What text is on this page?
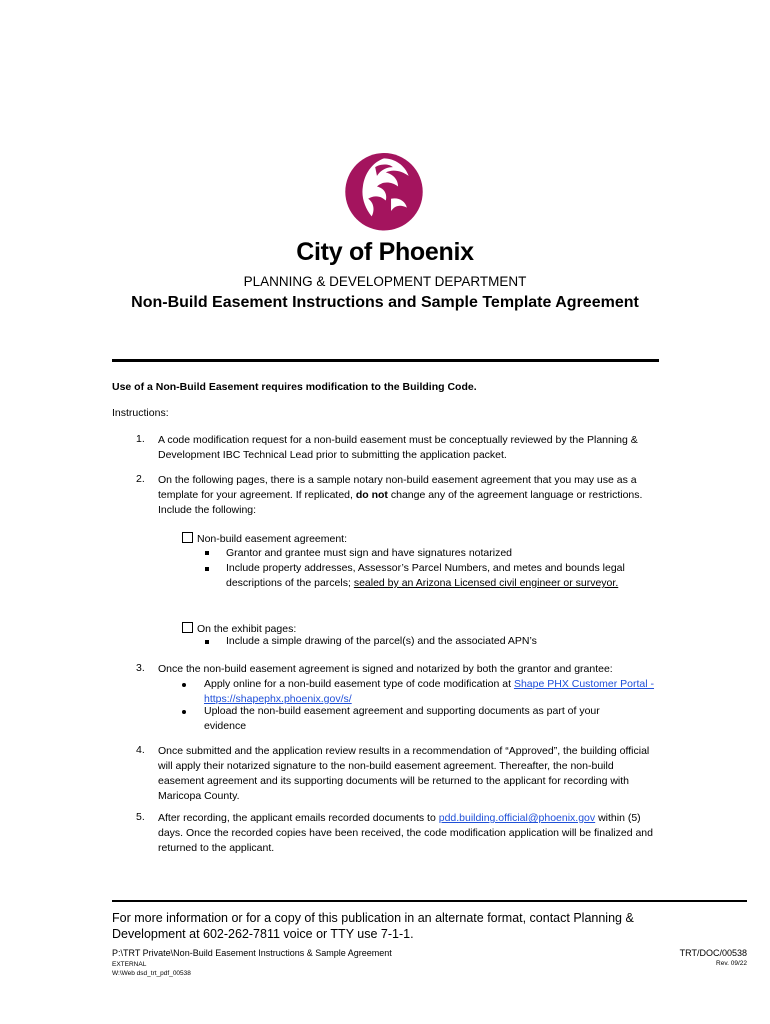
City of Phoenix
PLANNING & DEVELOPMENT DEPARTMENT
Non-Build Easement Instructions and Sample Template Agreement
Use of a Non-Build Easement requires modification to the Building Code.
Instructions:
1. A code modification request for a non-build easement must be conceptually reviewed by the Planning & Development IBC Technical Lead prior to submitting the application packet.

2. On the following pages, there is a sample notary non-build easement agreement that you may use as a template for your agreement. If replicated, do not change any of the agreement language or restrictions. Include the following:

Non-build easement agreement:
Grantor and grantee must sign and have signatures notarized
Include property addresses, Assessor’s Parcel Numbers, and metes and bounds legal descriptions of the parcels; sealed by an Arizona Licensed civil engineer or surveyor.
On the exhibit pages:
Include a simple drawing of the parcel(s) and the associated APN’s
3. Once the non-build easement agreement is signed and notarized by both the grantor and grantee:

Apply online for a non-build easement type of code modification at Shape PHX Customer Portal - https://shapephx.phoenix.gov/s/
Upload the non-build easement agreement and supporting documents as part of your evidence
4. Once submitted and the application review results in a recommendation of “Approved”, the building official will apply their notarized signature to the non-build easement agreement. Thereafter, the non-build easement agreement and its supporting documents will be returned to the applicant for recording with Maricopa County.

5. After recording, the applicant emails recorded documents to pdd.building.official@phoenix.gov within (5) days. Once the recorded copies have been received, the code modification application will be finalized and returned to the applicant.

For more information or for a copy of this publication in an alternate format, contact Planning & Development at 602-262-7811 voice or TTY use 7-1-1.
P:\TRT Private\Non-Build Easement Instructions & Sample Agreement
EXTERNAL
W:\Web dsd_trt_pdf_00538
TRT/DOC/00538
Rev. 09/22
